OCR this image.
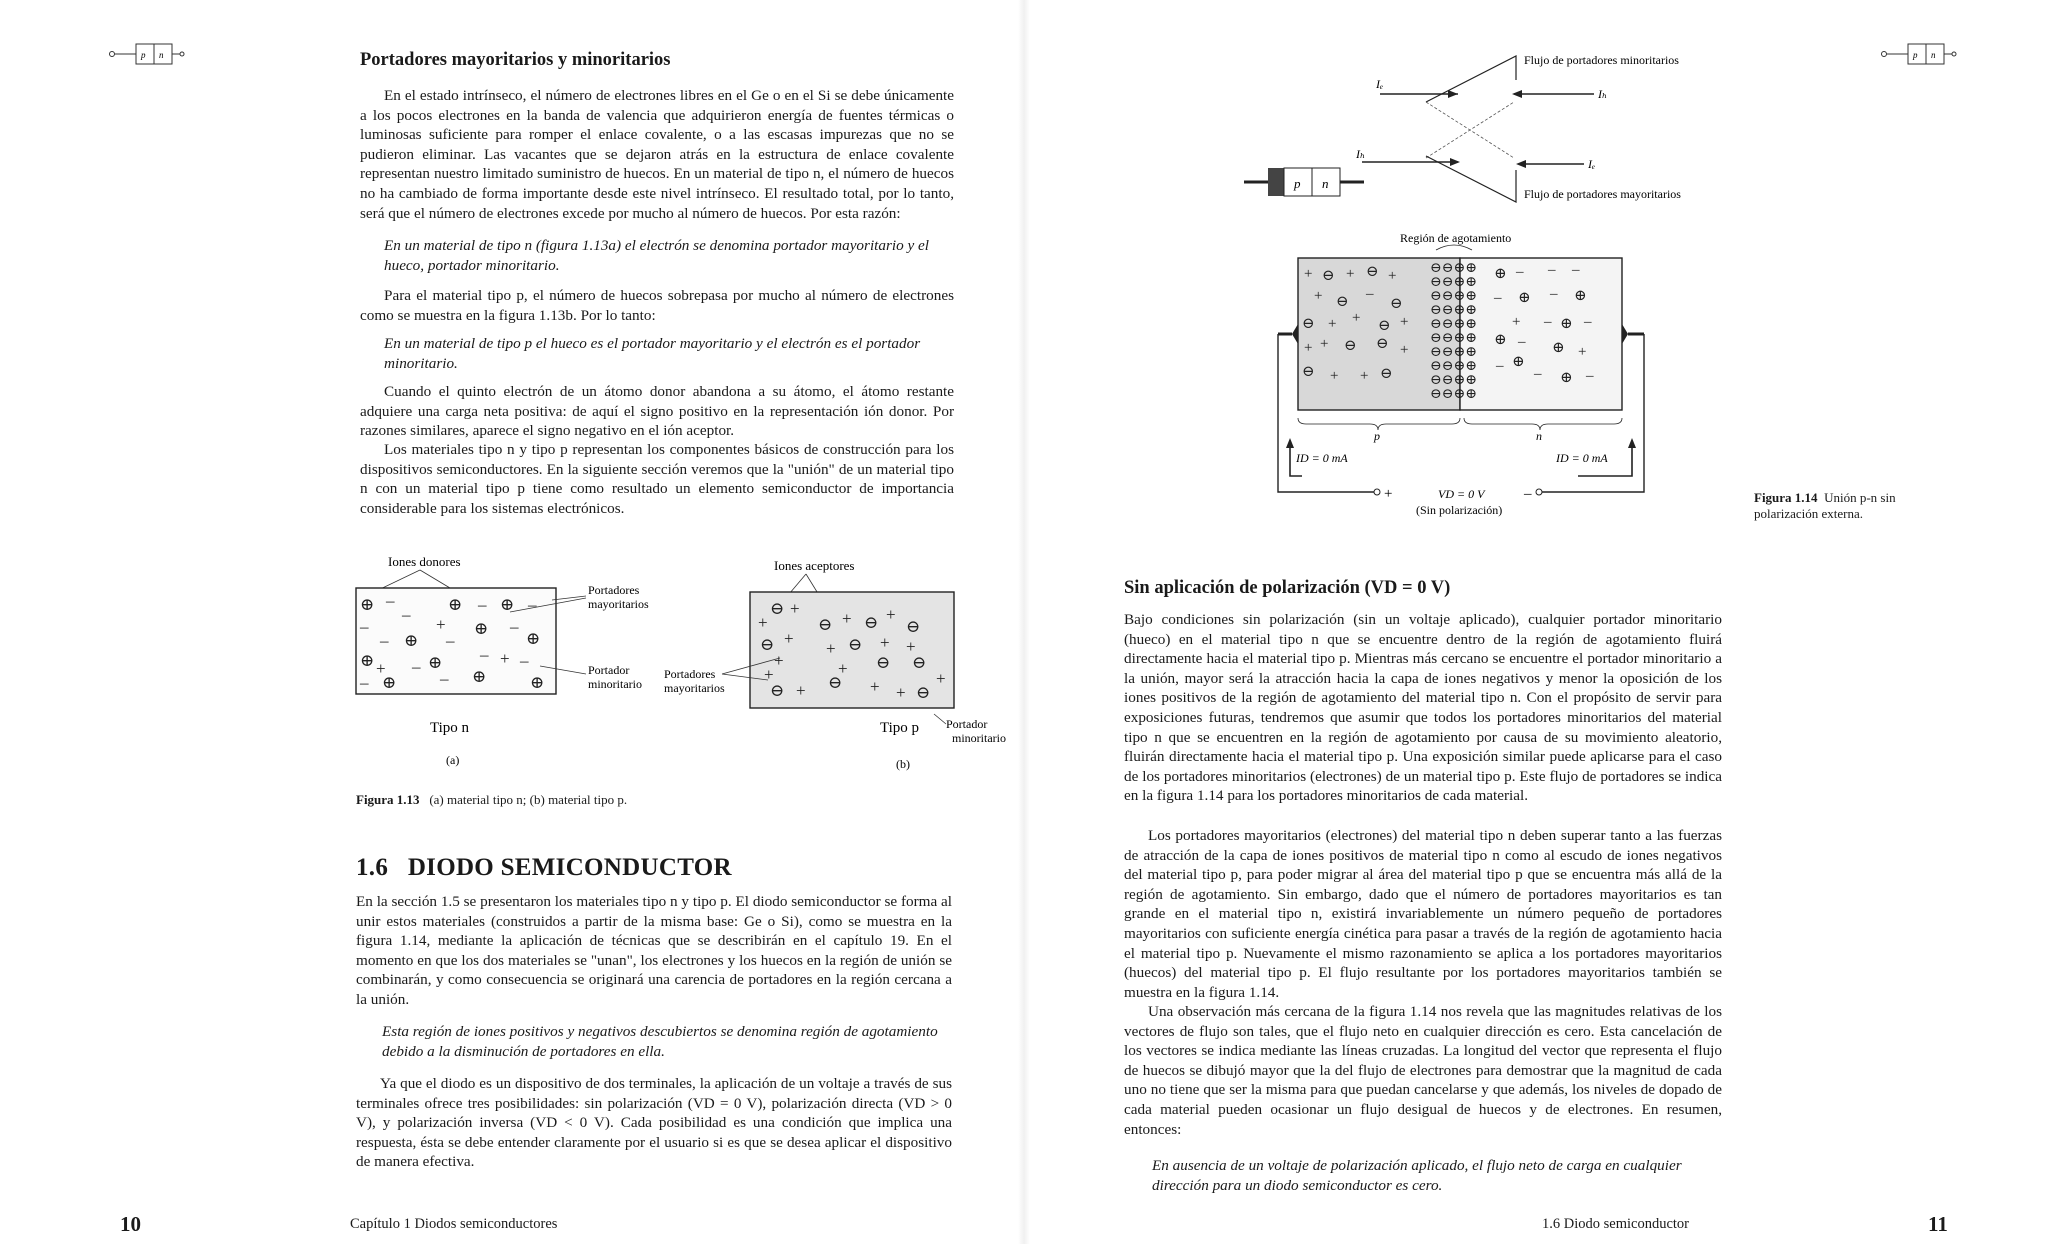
p n	Portadores mayoritarios y minoritarios

En el estado intrínseco, el número de electrones libres en el Ge o en el Si se debe únicamente a los pocos electrones en la banda de valencia que adquirieron energía de fuentes térmicas o luminosas suficiente para romper el enlace covalente, o a las escasas impurezas que no se pudieron eliminar. Las vacantes que se dejaron atrás en la estructura de enlace covalente representan nuestro limitado suministro de huecos. En un material de tipo n, el número de huecos no ha cambiado de forma importante desde este nivel intrínseco. El resultado total, por lo tanto, será que el número de electrones excede por mucho al número de huecos. Por esta razón:

En un material de tipo n (figura 1.13a) el electrón se denomina portador mayoritario y el hueco, portador minoritario.

Para el material tipo p, el número de huecos sobrepasa por mucho al número de electrones como se muestra en la figura 1.13b. Por lo tanto:

En un material de tipo p el hueco es el portador mayoritario y el electrón es el portador minoritario.

Cuando el quinto electrón de un átomo donor abandona a su átomo, el átomo restante adquiere una carga neta positiva: de aquí el signo positivo en la representación ión donor. Por razones similares, aparece el signo negativo en el ión aceptor.

Los materiales tipo n y tipo p representan los componentes básicos de construcción para los dispositivos semiconductores. En la siguiente sección veremos que la "unión" de un material tipo n con un material tipo p tiene como resultado un elemento semiconductor de importancia considerable para los sistemas electrónicos.

Iones donores
⊕ –
–
⊕ – ⊕ –
–	+ ⊕ –
– ⊕ –	⊕
⊕ + – ⊕ – + –
– ⊕	– ⊕	⊕
Portadores
mayoritarios
Portador
minoritario
Tipo n
(a)
Iones aceptores
⊖ +
+	⊖ + ⊖ +
⊖
⊖ +
+ ⊖ + +
+
+	+ ⊖ ⊖
⊖ + ⊖ + + ⊖
+
Portadores
mayoritarios
Tipo p Portador
minoritario
(b)
Figura 1.13 (a) material tipo n; (b) material tipo p.
1.6 DIODO SEMICONDUCTOR

En la sección 1.5 se presentaron los materiales tipo n y tipo p. El diodo semiconductor se forma al unir estos materiales (construidos a partir de la misma base: Ge o Si), como se muestra en la figura 1.14, mediante la aplicación de técnicas que se describirán en el capítulo 19. En el momento en que los dos materiales se "unan", los electrones y los huecos en la región de unión se combinarán, y como consecuencia se originará una carencia de portadores en la región cercana a la unión.

Esta región de iones positivos y negativos descubiertos se denomina región de agotamiento debido a la disminución de portadores en ella.

Ya que el diodo es un dispositivo de dos terminales, la aplicación de un voltaje a través de sus terminales ofrece tres posibilidades: sin polarización (VD = 0 V), polarización directa (VD > 0 V), y polarización inversa (VD < 0 V). Cada posibilidad es una condición que implica una respuesta, ésta se debe entender claramente por el usuario si es que se desea aplicar el dispositivo de manera efectiva.

10	Capítulo 1 Diodos semiconductores
p n
Flujo de portadores minoritarios
Iₑ
Iₕ
Iₕ
Iₑ
Flujo de portadores mayoritarios
p n
Región de agotamiento
+ ⊖ + ⊖ +
+ ⊖ –
⊖
⊖ + + ⊖ +
+ + ⊖ ⊖ +
⊖ + + ⊖
⊕ – – –
– ⊕ – ⊕
+ – ⊕ –
⊕ – ⊕ +
– ⊕
– ⊕ –
⊖⊖⊕⊕
⊖⊖⊕⊕
⊖⊖⊕⊕
⊖⊖⊕⊕
⊖⊖⊕⊕
⊖⊖⊕⊕
⊖⊖⊕⊕
⊖⊖⊕⊕
⊖⊖⊕⊕
⊖⊖⊕⊕
p	n
ID = 0 mA	ID = 0 mA
+	–
VD = 0 V
(Sin polarización)
Figura 1.14 Unión p-n sin polarización externa.
Sin aplicación de polarización (VD = 0 V)

Bajo condiciones sin polarización (sin un voltaje aplicado), cualquier portador minoritario (hueco) en el material tipo n que se encuentre dentro de la región de agotamiento fluirá directamente hacia el material tipo p. Mientras más cercano se encuentre el portador minoritario a la unión, mayor será la atracción hacia la capa de iones negativos y menor la oposición de los iones positivos de la región de agotamiento del material tipo n. Con el propósito de servir para exposiciones futuras, tendremos que asumir que todos los portadores minoritarios del material tipo n que se encuentren en la región de agotamiento por causa de su movimiento aleatorio, fluirán directamente hacia el material tipo p. Una exposición similar puede aplicarse para el caso de los portadores minoritarios (electrones) de un material tipo p. Este flujo de portadores se indica en la figura 1.14 para los portadores minoritarios de cada material.

Los portadores mayoritarios (electrones) del material tipo n deben superar tanto a las fuerzas de atracción de la capa de iones positivos de material tipo n como al escudo de iones negativos del material tipo p, para poder migrar al área del material tipo p que se encuentra más allá de la región de agotamiento. Sin embargo, dado que el número de portadores mayoritarios es tan grande en el material tipo n, existirá invariablemente un número pequeño de portadores mayoritarios con suficiente energía cinética para pasar a través de la región de agotamiento hacia el material tipo p. Nuevamente el mismo razonamiento se aplica a los portadores mayoritarios (huecos) del material tipo p. El flujo resultante por los portadores mayoritarios también se muestra en la figura 1.14.

Una observación más cercana de la figura 1.14 nos revela que las magnitudes relativas de los vectores de flujo son tales, que el flujo neto en cualquier dirección es cero. Esta cancelación de los vectores se indica mediante las líneas cruzadas. La longitud del vector que representa el flujo de huecos se dibujó mayor que la del flujo de electrones para demostrar que la magnitud de cada uno no tiene que ser la misma para que puedan cancelarse y que además, los niveles de dopado de cada material pueden ocasionar un flujo desigual de huecos y de electrones. En resumen, entonces:

En ausencia de un voltaje de polarización aplicado, el flujo neto de carga en cualquier dirección para un diodo semiconductor es cero.

1.6 Diodo semiconductor	11
